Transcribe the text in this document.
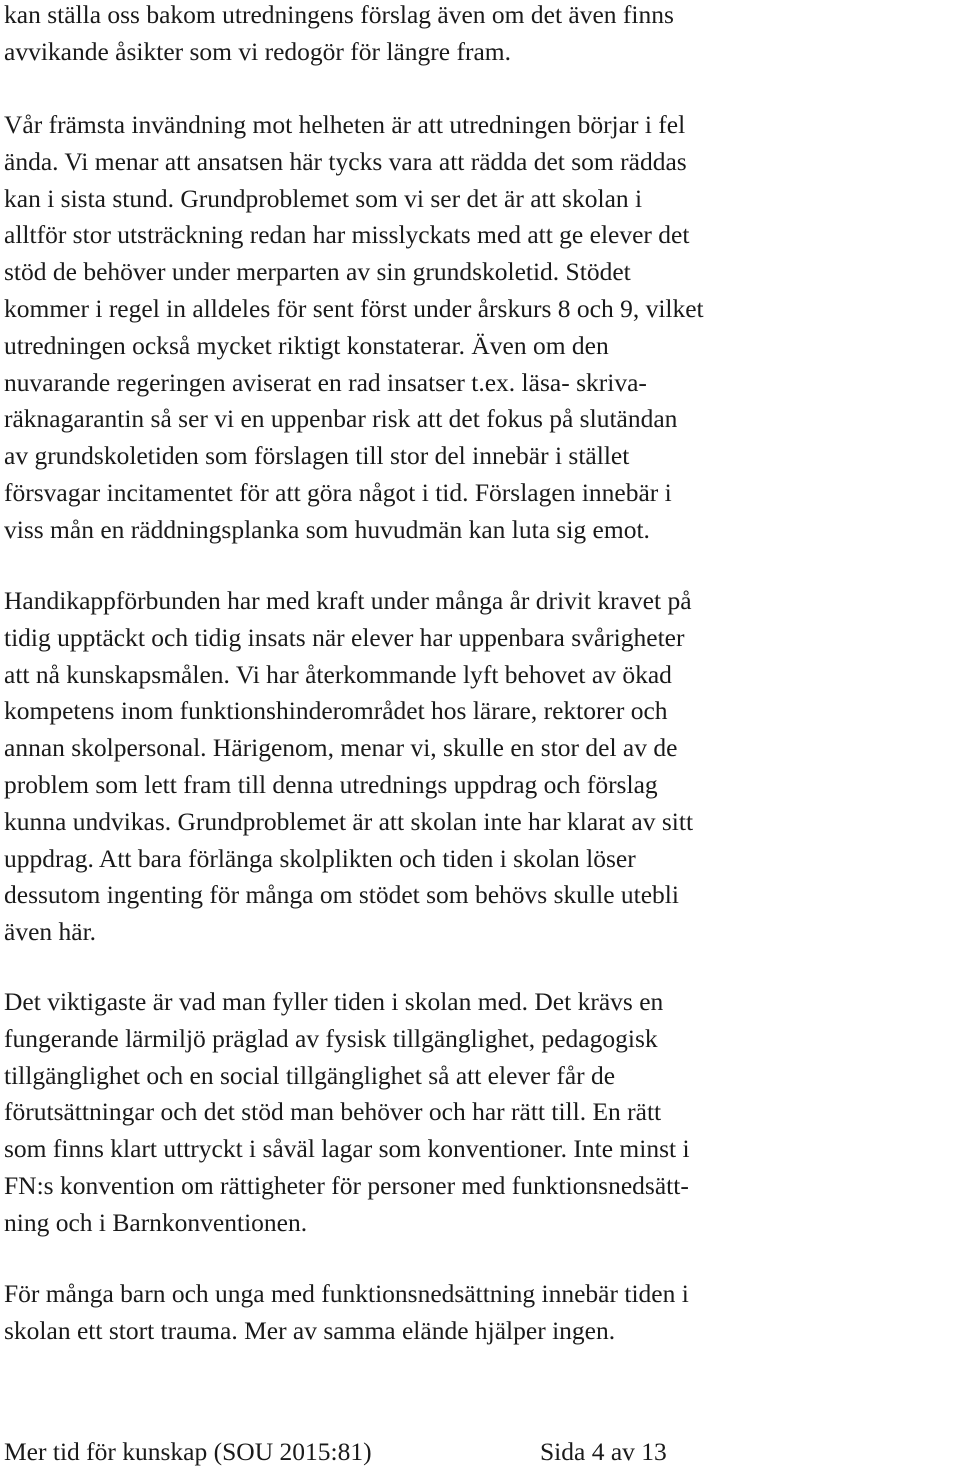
kan ställa oss bakom utredningens förslag även om det även finns
avvikande åsikter som vi redogör för längre fram.

Vår främsta invändning mot helheten är att utredningen börjar i fel
ända. Vi menar att ansatsen här tycks vara att rädda det som räddas
kan i sista stund. Grundproblemet som vi ser det är att skolan i
alltför stor utsträckning redan har misslyckats med att ge elever det
stöd de behöver under merparten av sin grundskoletid. Stödet
kommer i regel in alldeles för sent först under årskurs 8 och 9, vilket
utredningen också mycket riktigt konstaterar. Även om den
nuvarande regeringen aviserat en rad insatser t.ex. läsa- skriva-
räknagarantin så ser vi en uppenbar risk att det fokus på slutändan
av grundskoletiden som förslagen till stor del innebär i stället
försvagar incitamentet för att göra något i tid. Förslagen innebär i
viss mån en räddningsplanka som huvudmän kan luta sig emot.

Handikappförbunden har med kraft under många år drivit kravet på
tidig upptäckt och tidig insats när elever har uppenbara svårigheter
att nå kunskapsmålen. Vi har återkommande lyft behovet av ökad
kompetens inom funktionshinderområdet hos lärare, rektorer och
annan skolpersonal. Härigenom, menar vi, skulle en stor del av de
problem som lett fram till denna utrednings uppdrag och förslag
kunna undvikas. Grundproblemet är att skolan inte har klarat av sitt
uppdrag. Att bara förlänga skolplikten och tiden i skolan löser
dessutom ingenting för många om stödet som behövs skulle utebli
även här.

Det viktigaste är vad man fyller tiden i skolan med. Det krävs en
fungerande lärmiljö präglad av fysisk tillgänglighet, pedagogisk
tillgänglighet och en social tillgänglighet så att elever får de
förutsättningar och det stöd man behöver och har rätt till. En rätt
som finns klart uttryckt i såväl lagar som konventioner. Inte minst i
FN:s konvention om rättigheter för personer med funktionsnedsätt-
ning och i Barnkonventionen.

För många barn och unga med funktionsnedsättning innebär tiden i
skolan ett stort trauma. Mer av samma elände hjälper ingen.

Mer tid för kunskap (SOU 2015:81)	Sida 4 av 13
